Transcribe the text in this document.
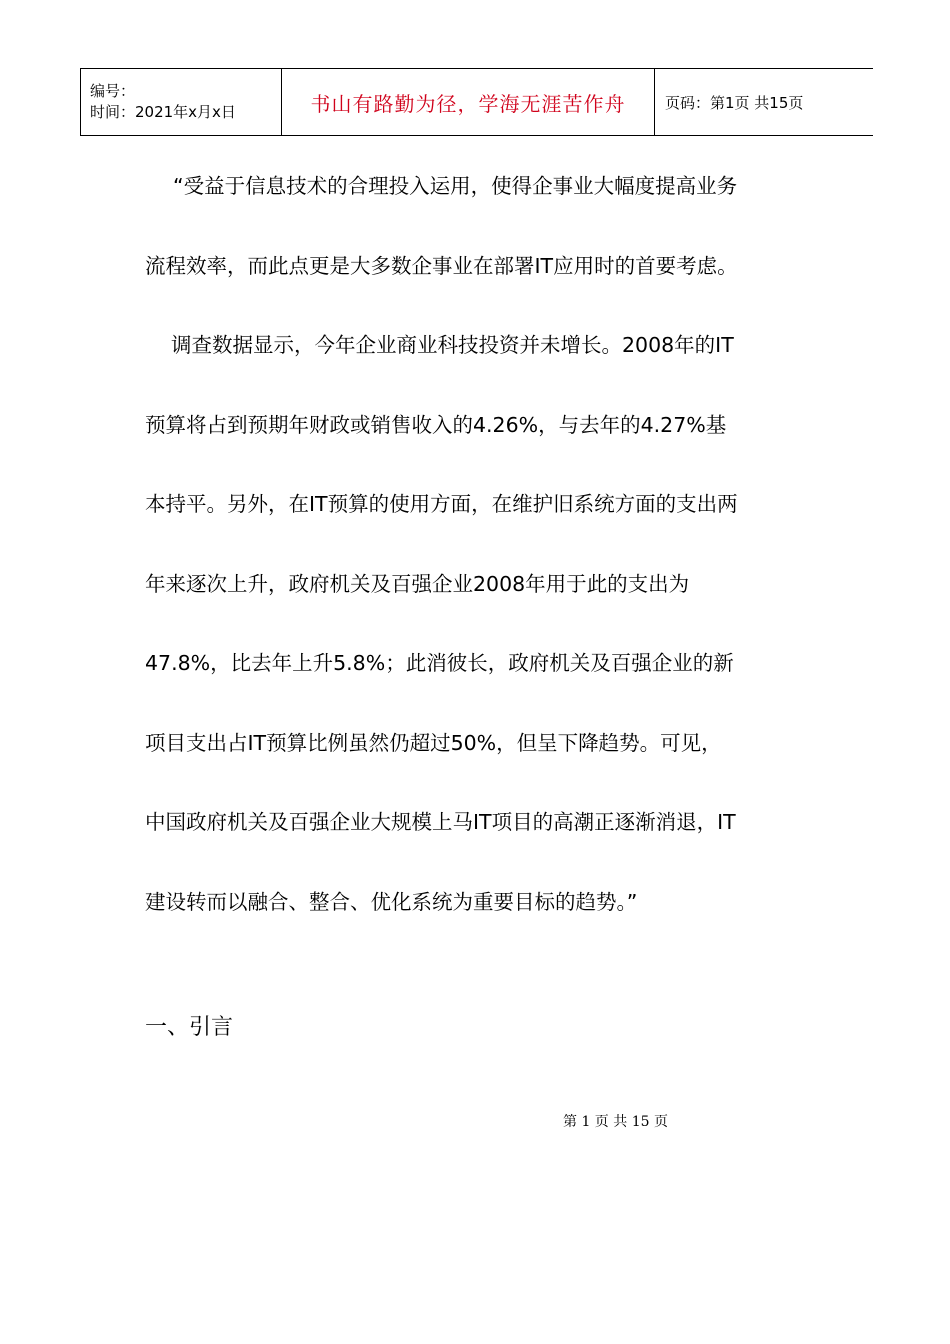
编号：
时间：2021年x月x日	书山有路勤为径，学海无涯苦作舟	页码：第1页 共15页

“受益于信息技术的合理投入运用，使得企事业大幅度提高业务

流程效率，而此点更是大多数企事业在部署IT应用时的首要考虑。

调查数据显示，今年企业商业科技投资并未增长。2008年的IT

预算将占到预期年财政或销售收入的4.26%，与去年的4.27%基

本持平。另外，在IT预算的使用方面，在维护旧系统方面的支出两

年来逐次上升，政府机关及百强企业2008年用于此的支出为

47.8%，比去年上升5.8%；此消彼长，政府机关及百强企业的新

项目支出占IT预算比例虽然仍超过50%，但呈下降趋势。可见，

中国政府机关及百强企业大规模上马IT项目的高潮正逐渐消退，IT

建设转而以融合、整合、优化系统为重要目标的趋势。”

一、引言
第 1 页 共 15 页
